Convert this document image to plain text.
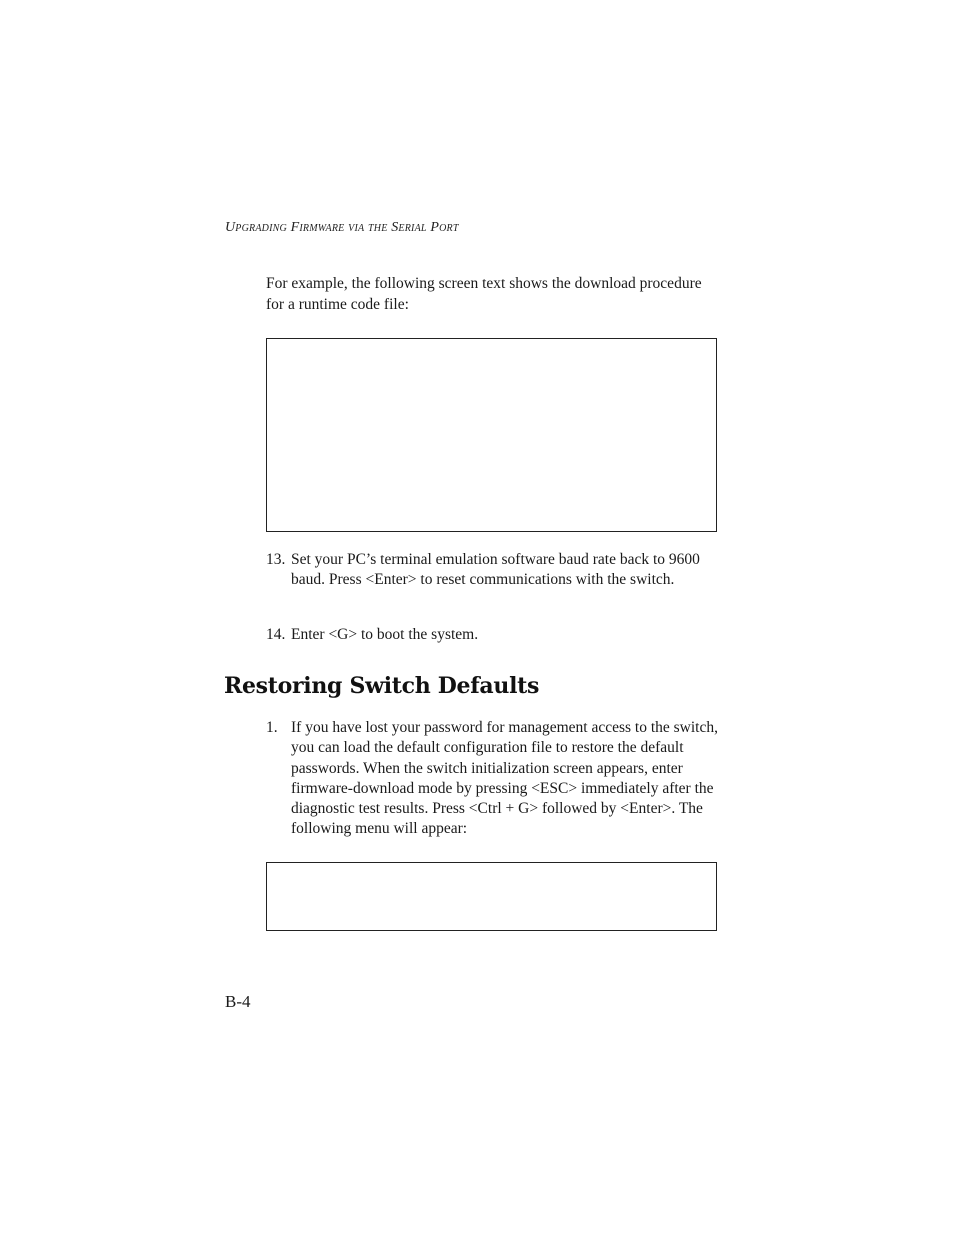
Upgrading Firmware via the Serial Port
For example, the following screen text shows the download procedure for a runtime code file:
13. Set your PC’s terminal emulation software baud rate back to 9600 baud. Press <Enter> to reset communications with the switch.
14. Enter <G> to boot the system.
Restoring Switch Defaults
1. If you have lost your password for management access to the switch, you can load the default configuration file to restore the default passwords. When the switch initialization screen appears, enter firmware-download mode by pressing <ESC> immediately after the diagnostic test results. Press <Ctrl + G> followed by <Enter>. The following menu will appear:
B-4
